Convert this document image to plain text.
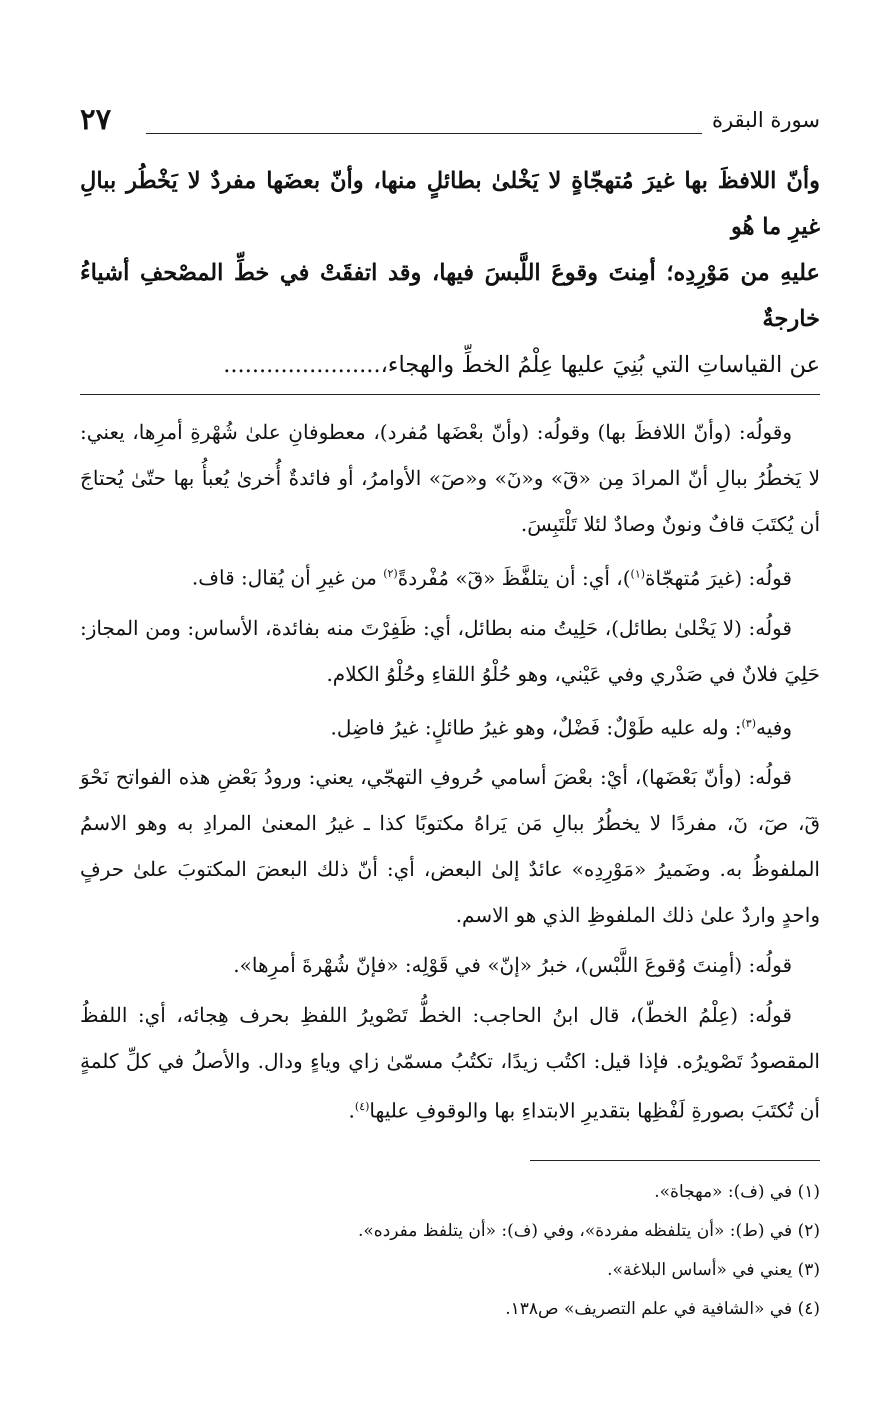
سورة البقرة
٢٧
وأنّ اللافظَ بها غيرَ مُتهجّاةٍ لا يَخْلىٰ بطائلٍ منها، وأنّ بعضَها مفردٌ لا يَخْطُر ببالِ غيرِ ما هُو
عليهِ من مَوْرِدِه؛ أمِنتَ وقوعَ اللَّبسَ فيها، وقد اتفقَتْ في خطِّ المصْحفِ أشياءُ خارجةٌ
عن القياساتِ التي بُنِيَ عليها عِلْمُ الخطِّ والهجاء،......................

وقولُه: (وأنّ اللافظَ بها) وقولُه: (وأنّ بعْضَها مُفرد)، معطوفانِ علىٰ شُهْرةِ أمرِها، يعني: لا يَخطُرُ ببالِ أنّ المرادَ مِن «قٓ» و«نٓ» و«صٓ» الأوامرُ، أو فائدةٌ أُخرىٰ يُعبأُ بها حتّىٰ يُحتاجَ أن يُكتَبَ قافٌ ونونٌ وصادٌ لئلا تَلْتَبِسَ.

قولُه: (غيرَ مُتهجّاة$^{(١)}$)، أي: أن يتلفَّظَ «قٓ» مُفْردةً$^{(٢)}$ من غيرِ أن يُقال: قاف.

قولُه: (لا يَخْلىٰ بطائل)، حَلِيتُ منه بطائل، أي: ظَفِرْتَ منه بفائدة، الأساس: ومن المجاز: حَلِيَ فلانٌ في صَدْري وفي عَيْني، وهو حُلْوُ اللقاءِ وحُلْوُ الكلام.

وفيه$^{(٣)}$: وله عليه طَوْلٌ: فَضْلٌ، وهو غيرُ طائلٍ: غيرُ فاضِل.

قولُه: (وأنّ بَعْضَها)، أيْ: بعْضَ أسامي حُروفِ التهجّي، يعني: ورودُ بَعْضِ هذه الفواتح نَحْوَ قٓ، صٓ، نٓ، مفردًا لا يخطُرُ ببالِ مَن يَراهُ مكتوبًا كذا ـ غيرُ المعنىٰ المرادِ به وهو الاسمُ الملفوظُ به. وضَميرُ «مَوْرِدِه» عائدٌ إلىٰ البعض، أي: أنّ ذلك البعضَ المكتوبَ علىٰ حرفٍ واحدٍ واردٌ علىٰ ذلك الملفوظِ الذي هو الاسم.

قولُه: (أمِنتَ وُقوعَ اللَّبْس)، خبرُ «إنّ» في قَوْلِه: «فإنّ شُهْرةَ أمرِها».

قولُه: (عِلْمُ الخطّ)، قال ابنُ الحاجب: الخطُّ تَصْويرُ اللفظِ بحرف هِجائه، أي: اللفظُ المقصودُ تَصْويرُه. فإذا قيل: اكتُب زيدًا، تكتُبُ مسمّىٰ زاي وياءٍ ودال. والأصلُ في كلِّ كلمةٍ أن تُكتَبَ بصورةِ لَفْظِها بتقديرِ الابتداءِ بها والوقوفِ عليها$^{(٤)}$.

(١) في (ف): «مهجاة».

(٢) في (ط): «أن يتلفظه مفردة»، وفي (ف): «أن يتلفظ مفرده».

(٣) يعني في «أساس البلاغة».

(٤) في «الشافية في علم التصريف» ص١٣٨.
